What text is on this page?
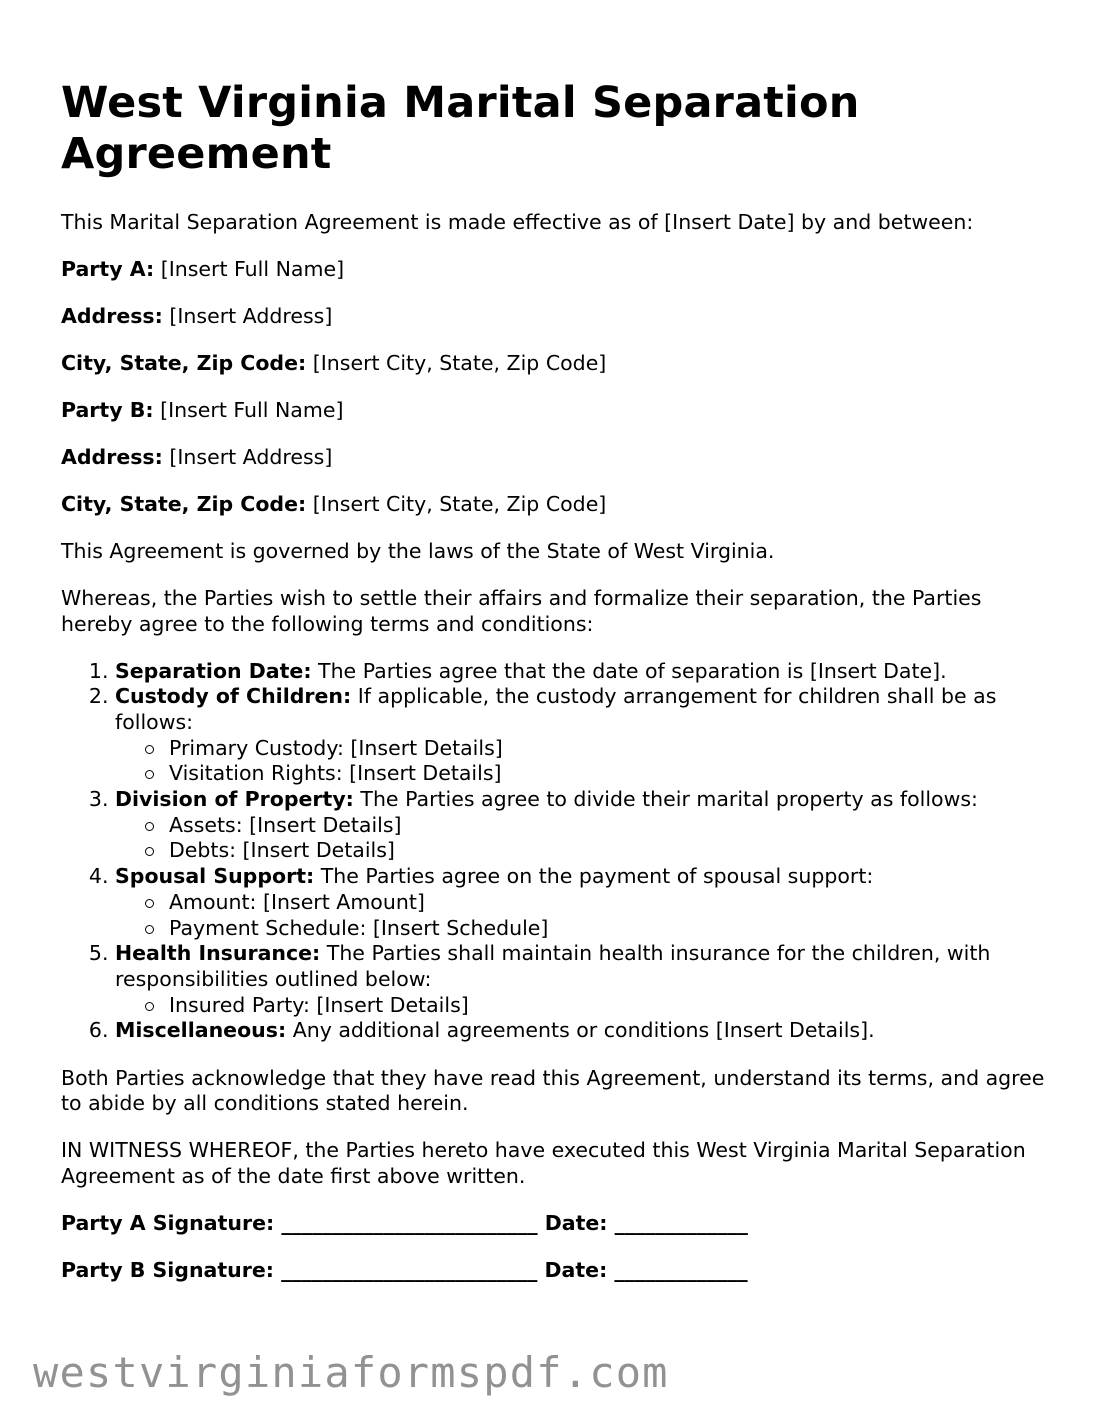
West Virginia Marital Separation Agreement

This Marital Separation Agreement is made effective as of [Insert Date] by and between:

Party A: [Insert Full Name]

Address: [Insert Address]

City, State, Zip Code: [Insert City, State, Zip Code]

Party B: [Insert Full Name]

Address: [Insert Address]

City, State, Zip Code: [Insert City, State, Zip Code]

This Agreement is governed by the laws of the State of West Virginia.

Whereas, the Parties wish to settle their affairs and formalize their separation, the Parties hereby agree to the following terms and conditions:

1. Separation Date: The Parties agree that the date of separation is [Insert Date].
2. Custody of Children: If applicable, the custody arrangement for children shall be as follows:
Primary Custody: [Insert Details]
Visitation Rights: [Insert Details]
3. Division of Property: The Parties agree to divide their marital property as follows:
Assets: [Insert Details]
Debts: [Insert Details]
4. Spousal Support: The Parties agree on the payment of spousal support:
Amount: [Insert Amount]
Payment Schedule: [Insert Schedule]
5. Health Insurance: The Parties shall maintain health insurance for the children, with responsibilities outlined below:
Insured Party: [Insert Details]
6. Miscellaneous: Any additional agreements or conditions [Insert Details].

Both Parties acknowledge that they have read this Agreement, understand its terms, and agree to abide by all conditions stated herein.

IN WITNESS WHEREOF, the Parties hereto have executed this West Virginia Marital Separation Agreement as of the date first above written.

Party A Signature: _________________________ Date: _____________

Party B Signature: _________________________ Date: _____________

westvirginiaformspdf.com
